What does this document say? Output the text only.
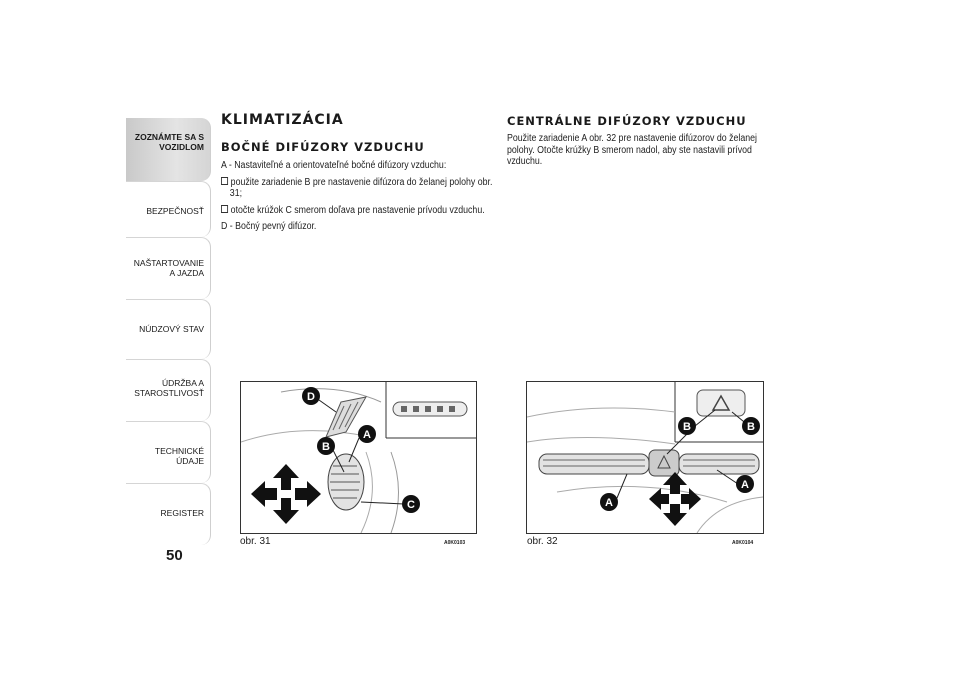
ZOZNÁMTE SA S VOZIDLOM
BEZPEČNOSŤ
NAŠTARTOVANIE A JAZDA
NÚDZOVÝ STAV
ÚDRŽBA A STAROSTLIVOSŤ
TECHNICKÉ ÚDAJE
REGISTER
50
KLIMATIZÁCIA
BOČNÉ DIFÚZORY VZDUCHU
CENTRÁLNE DIFÚZORY VZDUCHU

A - Nastaviteľné a orientovateľné bočné difúzory vzduchu:

použite zariadenie B pre nastavenie difúzora do želanej polohy obr.
31;

otočte krúžok C smerom doľava pre nastavenie prívodu vzduchu.

D - Bočný pevný difúzor.

Použite zariadenie A obr. 32 pre nastavenie difúzorov do želanej polohy. Otočte krúžky B smerom nadol, aby ste nastavili prívod vzduchu.

D
A
B
C
obr. 31	A0K0103
B	B
A
A
obr. 32	A0K0104
